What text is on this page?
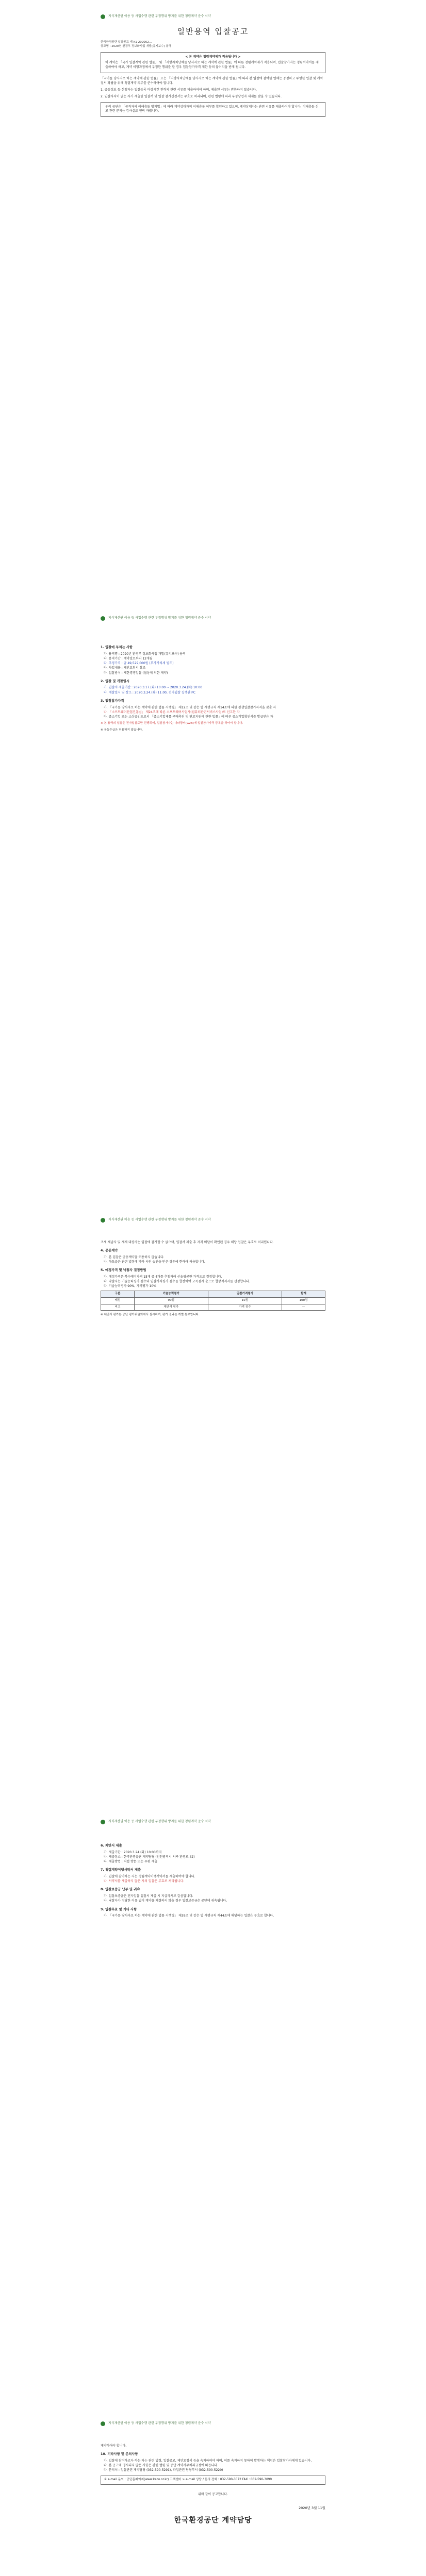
지식재산권 이용 등 사업수행 관련 부정행위 방지를 위한 청렴계약 준수 서약
일반용역 입찰공고
한국환경공단 입찰공고 제 K1-202002…
공고명 : 2020년 환경부 정보화사업 개발(유지보수) 용역
< 본 계약은 청렴계약제가 적용됩니다 >
이 계약은 「국가 입찰계약 관련 법률」 및 「지방자치단체를 당사자로 하는 계약에 관한 법률」에 따른 청렴계약제가 적용되며, 입찰참가자는 청렴서약서를 제출하여야 하고, 계약 이행과정에서 부정한 행위를 할 경우 입찰참가자격 제한 등의 불이익을 받게 됩니다.
「국가를 당사자로 하는 계약에 관한 법률」 또는 「지방자치단체를 당사자로 하는 계약에 관한 법률」에 따라 본 입찰에 참여한 업체는 공정하고 투명한 입찰 및 계약 질서 확립을 위해 청렴계약 의무를 준수하여야 합니다.
1. 공동정보 등 신청자는 입찰등록 마감시간 전까지 관련 서류를 제출하여야 하며, 제출된 서류는 반환하지 않습니다.
2. 입찰자격이 없는 자가 제출한 입찰서 및 입찰 참가신청서는 무효로 처리되며, 관련 법령에 따라 부정당업자 제재를 받을 수 있습니다.
우리 공단은 「공직자의 이해충돌 방지법」에 따라 계약상대자의 이해충돌 여부를 확인하고 있으며, 계약상대자는 관련 서류를 제출하여야 합니다. 이해충돌 신고 관련 문의는 감사실로 연락 바랍니다.
지식재산권 이용 등 사업수행 관련 부정행위 방지를 위한 청렴계약 준수 서약
1. 입찰에 부치는 사항
가. 용역명 : 2020년 환경부 정보화사업 개발(유지보수) 용역
나. 용역기간 : 계약일로부터 12개월
다. 추정가격 : 금 49,529,000원 (부가가치세 별도)
라. 사업내용 : 제안요청서 참조
마. 입찰방식 : 제한경쟁입찰 (협상에 의한 계약)
2. 입찰 및 개찰일시
가. 입찰서 제출기간 : 2020.3.17.(화) 10:00 ~ 2020.3.24.(화) 10:00
나. 개찰일시 및 장소 : 2020.3.24.(화) 11:00, 전자입찰 집행관 PC
3. 입찰참가자격
가. 「국가를 당사자로 하는 계약에 관한 법률 시행령」 제12조 및 같은 법 시행규칙 제14조에 의한 경쟁입찰참가자격을 갖춘 자
나. 「소프트웨어산업진흥법」 제24조에 따른 소프트웨어사업자(컴퓨터관련서비스사업)로 신고한 자
다. 중소기업 또는 소상공인으로서 「중소기업제품 구매촉진 및 판로지원에 관한 법률」에 따른 중소기업확인서를 발급받은 자
※ 본 용역의 입찰은 전자입찰로만 진행되며, 입찰참가자는 나라장터(G2B)에 입찰참가자격 등록을 하여야 합니다.
※ 공동수급은 허용하지 않습니다.
지식재산권 이용 등 사업수행 관련 부정행위 방지를 위한 청렴계약 준수 서약
조세 체납자 및 제재 대상자는 입찰에 참가할 수 없으며, 입찰서 제출 후 자격 미달이 확인된 경우 해당 입찰은 무효로 처리됩니다.
4. 공동계약
가. 본 입찰은 공동계약을 허용하지 않습니다.
나. 하도급은 관련 법령에 따라 사전 승인을 받은 경우에 한하여 허용합니다.
5. 예정가격 및 낙찰자 결정방법
가. 예정가격은 복수예비가격 15개 중 4개를 추첨하여 산술평균한 가격으로 결정합니다.
나. 낙찰자는 기술능력평가 점수와 입찰가격평가 점수를 합산하여 고득점자 순으로 협상적격자를 선정합니다.
다. 기술능력평가 90%, 가격평가 10%
구분	기술능력평가	입찰가격평가	합계
배점	90점	10점	100점
비고	제안서 평가	가격 점수	—
※ 제안서 평가는 공단 평가위원회에서 실시하며, 평가 결과는 개별 통보합니다.
지식재산권 이용 등 사업수행 관련 부정행위 방지를 위한 청렴계약 준수 서약
6. 제안서 제출
가. 제출기한 : 2020.3.24.(화) 10:00까지
나. 제출장소 : 한국환경공단 계약담당 (인천광역시 서구 환경로 42)
다. 제출방법 : 직접 방문 또는 우편 제출
7. 청렴계약이행서약서 제출
가. 입찰에 참가하는 자는 청렴계약이행서약서를 제출하여야 합니다.
나. 서약서를 제출하지 않은 자의 입찰은 무효로 처리됩니다.
8. 입찰보증금 납부 및 귀속
가. 입찰보증금은 전자입찰 입찰서 제출 시 지급각서로 갈음합니다.
나. 낙찰자가 정당한 이유 없이 계약을 체결하지 않을 경우 입찰보증금은 공단에 귀속됩니다.
9. 입찰무효 및 기타 사항
가. 「국가를 당사자로 하는 계약에 관한 법률 시행령」 제39조 및 같은 법 시행규칙 제44조에 해당하는 입찰은 무효로 합니다.
지식재산권 이용 등 사업수행 관련 부정행위 방지를 위한 청렴계약 준수 서약
계약하여야 합니다.
10. 기타사항 및 문의사항
가. 입찰에 참여하고자 하는 자는 관련 법령, 입찰공고, 제안요청서 등을 숙지하여야 하며, 이를 숙지하지 못하여 발생하는 책임은 입찰참가자에게 있습니다.
나. 본 공고에 명시되지 않은 사항은 관련 법령 및 공단 계약사무처리규정에 따릅니다.
다. 문의처 : 입찰관련 계약담당 (032-590-5291), 과업관련 담당부서 (032-590-5220)
※ e-mail 문의 : 공단홈페이지(www.keco.or.kr) 고객센터 > e-mail 상담 / 문의 전화 : 032-590-3072 FAX : 032-590-3099
위와 같이 공고합니다.
2020년 3월 11일
한국환경공단 계약담당
